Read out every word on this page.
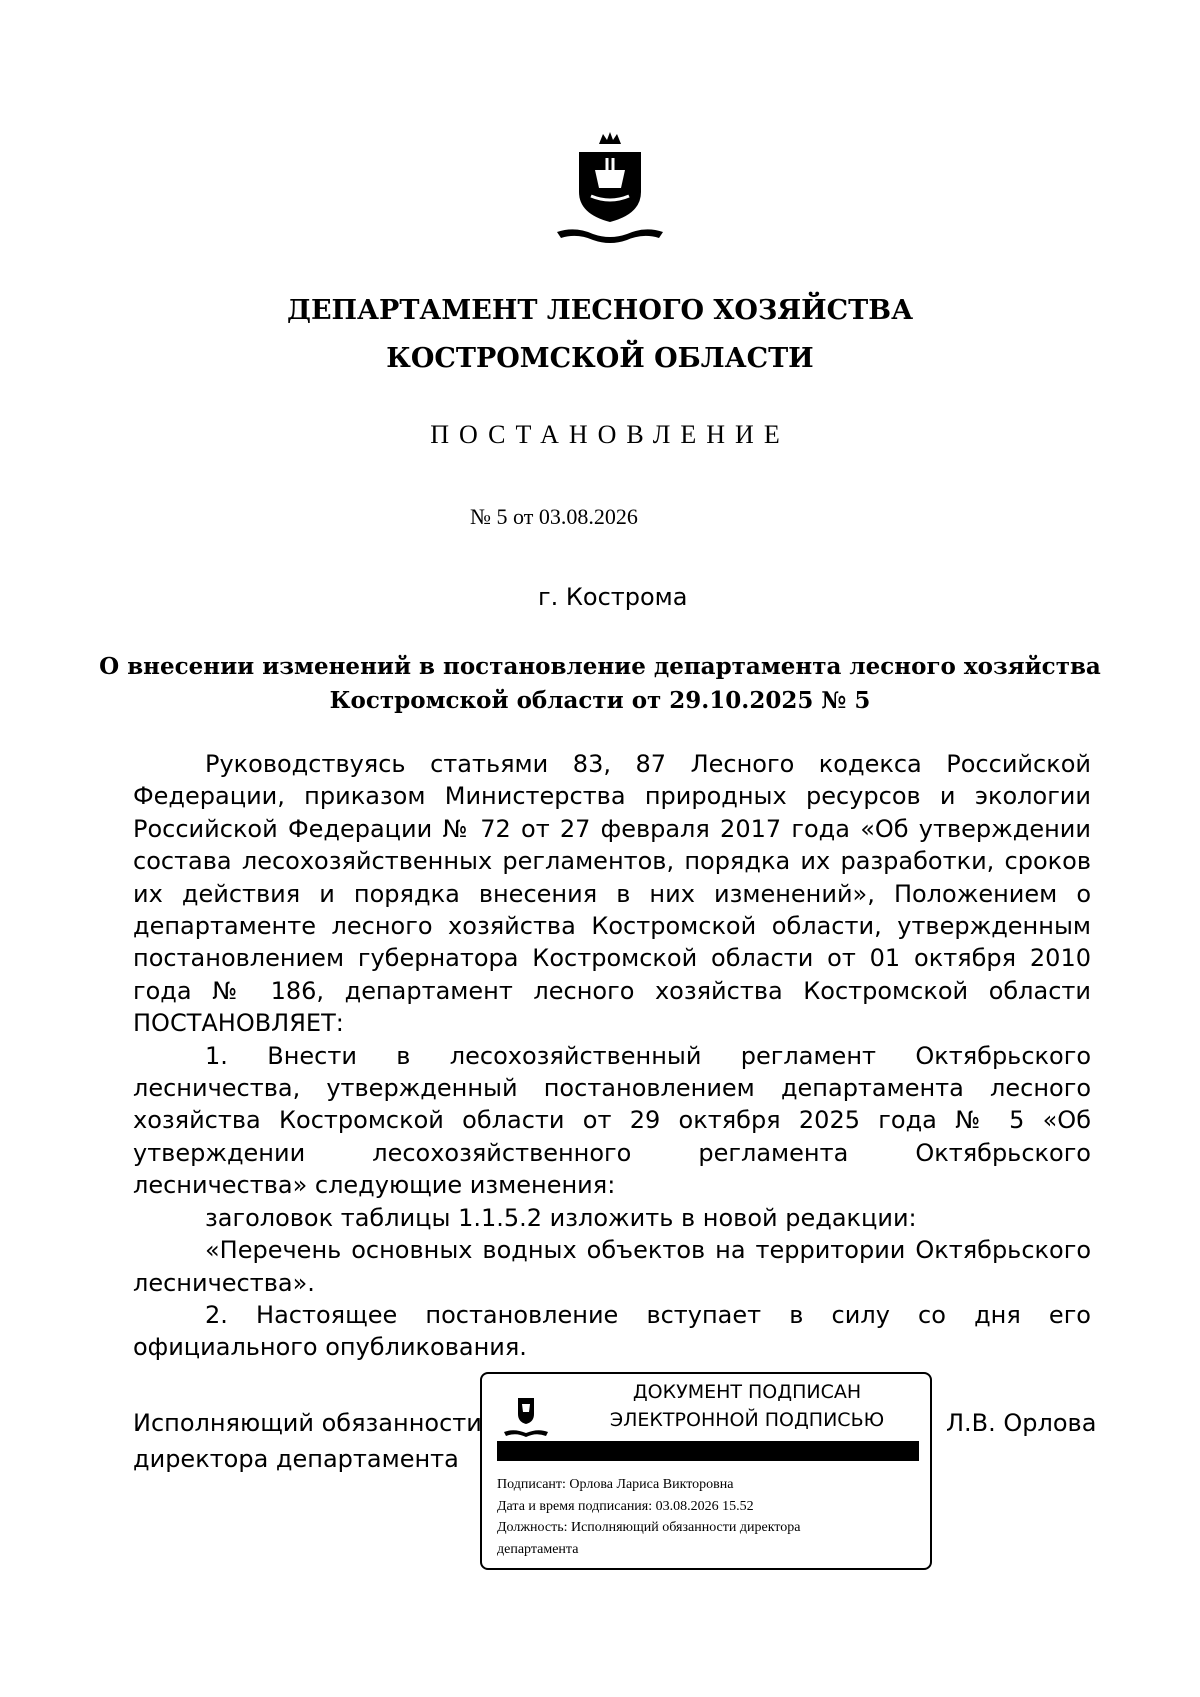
ДЕПАРТАМЕНТ ЛЕСНОГО ХОЗЯЙСТВА
КОСТРОМСКОЙ ОБЛАСТИ
ПОСТАНОВЛЕНИЕ
№ 5 от 03.08.2026
г. Кострома
О внесении изменений в постановление департамента лесного хозяйства
Костромской области от 29.10.2025 № 5

Руководствуясь статьями 83, 87 Лесного кодекса Российской Федерации, приказом Министерства природных ресурсов и экологии Российской Федерации № 72 от 27 февраля 2017 года «Об утверждении состава лесохозяйственных регламентов, порядка их разработки, сроков их действия и порядка внесения в них изменений», Положением о департаменте лесного хозяйства Костромской области, утвержденным постановлением губернатора Костромской области от 01 октября 2010 года № 186, департамент лесного хозяйства Костромской области ПОСТАНОВЛЯЕТ:

1. Внести в лесохозяйственный регламент Октябрьского лесничества, утвержденный постановлением департамента лесного хозяйства Костромской области от 29 октября 2025 года № 5 «Об утверждении лесохозяйственного регламента Октябрьского лесничества» следующие изменения:

заголовок таблицы 1.1.5.2 изложить в новой редакции:

«Перечень основных водных объектов на территории Октябрьского лесничества».

2. Настоящее постановление вступает в силу со дня его официального опубликования.

Исполняющий обязанности
директора департамента
ДОКУМЕНТ ПОДПИСАН
ЭЛЕКТРОННОЙ ПОДПИСЬЮ
Подписант: Орлова Лариса Викторовна
Дата и время подписания: 03.08.2026 15.52
Должность: Исполняющий обязанности директора
департамента
Л.В. Орлова
